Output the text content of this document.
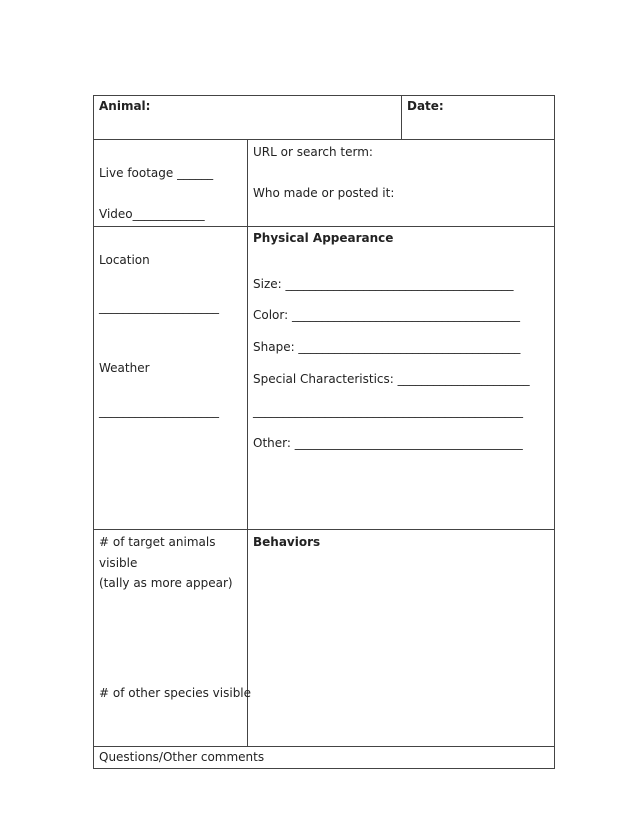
Animal:	Date:
Live footage ______
Video____________
URL or search term:
Who made or posted it:
Location
____________________
Weather
____________________
Physical Appearance
Size: ______________________________________
Color: ______________________________________
Shape: _____________________________________
Special Characteristics: ______________________
_____________________________________________
Other: ______________________________________
# of target animals
visible
(tally as more appear)
# of other species visible
Behaviors
Questions/Other comments
